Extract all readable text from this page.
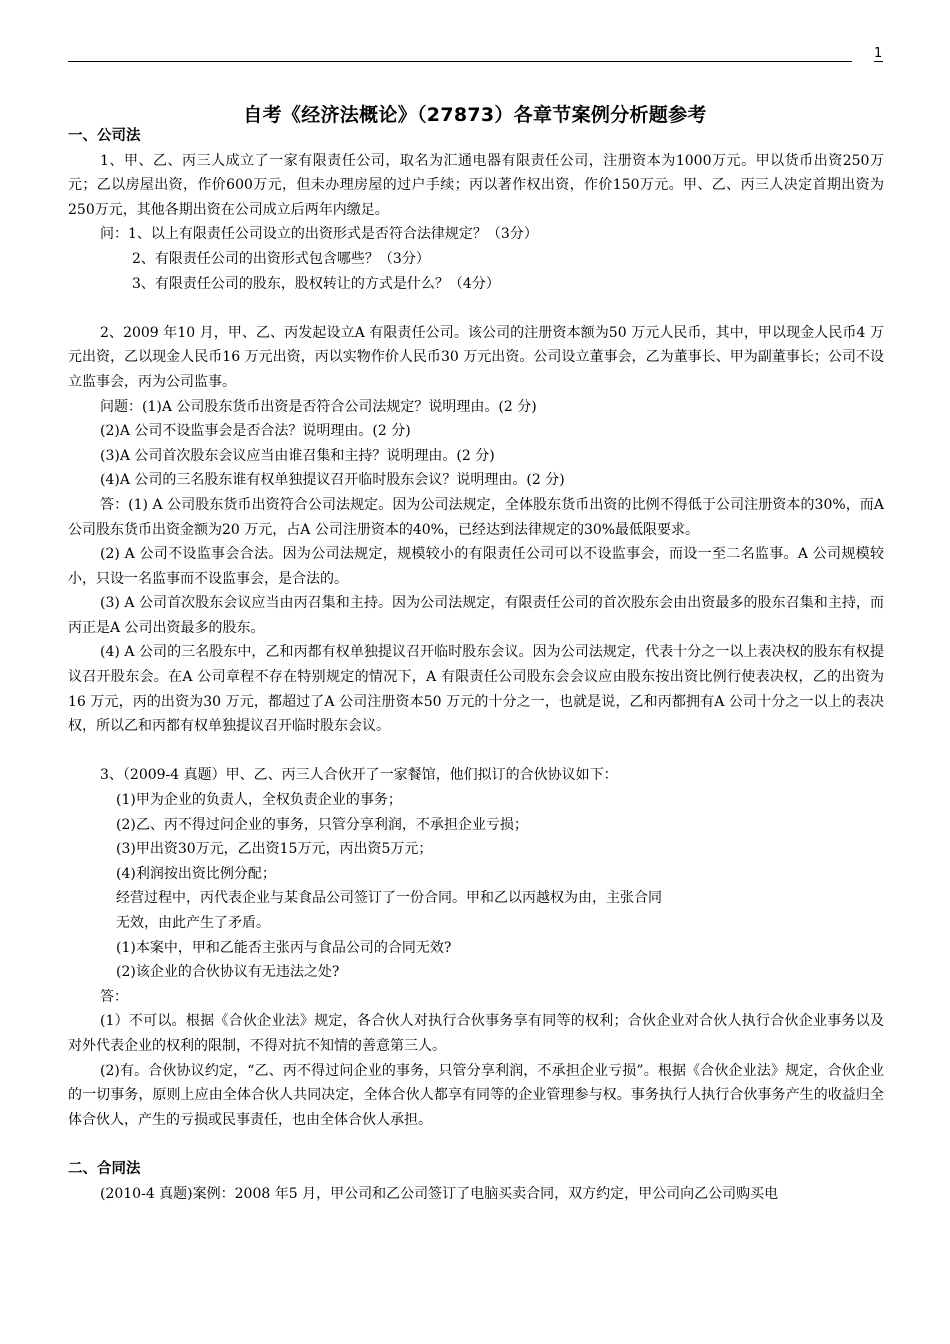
1
自考《经济法概论》（27873）各章节案例分析题参考

一、公司法

1、甲、乙、丙三人成立了一家有限责任公司，取名为汇通电器有限责任公司，注册资本为1000万元。甲以货币出资250万元；乙以房屋出资，作价600万元，但未办理房屋的过户手续；丙以著作权出资，作价150万元。甲、乙、丙三人决定首期出资为250万元，其他各期出资在公司成立后两年内缴足。

问：1、以上有限责任公司设立的出资形式是否符合法律规定？（3分）

2、有限责任公司的出资形式包含哪些？（3分）

3、有限责任公司的股东，股权转让的方式是什么？（4分）

2、2009 年10 月，甲、乙、丙发起设立A 有限责任公司。该公司的注册资本额为50 万元人民币，其中，甲以现金人民币4 万元出资，乙以现金人民币16 万元出资，丙以实物作价人民币30 万元出资。公司设立董事会，乙为董事长、甲为副董事长；公司不设立监事会，丙为公司监事。

问题：(1)A 公司股东货币出资是否符合公司法规定？说明理由。(2 分)

(2)A 公司不设监事会是否合法？说明理由。(2 分)

(3)A 公司首次股东会议应当由谁召集和主持？说明理由。(2 分)

(4)A 公司的三名股东谁有权单独提议召开临时股东会议？说明理由。(2 分)

答：(1) A 公司股东货币出资符合公司法规定。因为公司法规定，全体股东货币出资的比例不得低于公司注册资本的30%，而A 公司股东货币出资金额为20 万元，占A 公司注册资本的40%，已经达到法律规定的30%最低限要求。

(2) A 公司不设监事会合法。因为公司法规定，规模较小的有限责任公司可以不设监事会，而设一至二名监事。A 公司规模较小，只设一名监事而不设监事会，是合法的。

(3) A 公司首次股东会议应当由丙召集和主持。因为公司法规定，有限责任公司的首次股东会由出资最多的股东召集和主持，而丙正是A 公司出资最多的股东。

(4) A 公司的三名股东中，乙和丙都有权单独提议召开临时股东会议。因为公司法规定，代表十分之一以上表决权的股东有权提议召开股东会。在A 公司章程不存在特别规定的情况下，A 有限责任公司股东会会议应由股东按出资比例行使表决权，乙的出资为16 万元，丙的出资为30 万元，都超过了A 公司注册资本50 万元的十分之一，也就是说，乙和丙都拥有A 公司十分之一以上的表决权，所以乙和丙都有权单独提议召开临时股东会议。

3、（2009-4 真题）甲、乙、丙三人合伙开了一家餐馆，他们拟订的合伙协议如下：

(1)甲为企业的负责人，全权负责企业的事务；

(2)乙、丙不得过问企业的事务，只管分享利润，不承担企业亏损；

(3)甲出资30万元，乙出资15万元，丙出资5万元；

(4)利润按出资比例分配；

经营过程中，丙代表企业与某食品公司签订了一份合同。甲和乙以丙越权为由，主张合同

无效，由此产生了矛盾。

(1)本案中，甲和乙能否主张丙与食品公司的合同无效?

(2)该企业的合伙协议有无违法之处?

答：

(1）不可以。根据《合伙企业法》规定，各合伙人对执行合伙事务享有同等的权利；合伙企业对合伙人执行合伙企业事务以及对外代表企业的权利的限制，不得对抗不知情的善意第三人。

(2)有。合伙协议约定，“乙、丙不得过问企业的事务，只管分享利润，不承担企业亏损”。根据《合伙企业法》规定，合伙企业的一切事务，原则上应由全体合伙人共同决定，全体合伙人都享有同等的企业管理参与权。事务执行人执行合伙事务产生的收益归全体合伙人，产生的亏损或民事责任，也由全体合伙人承担。

二、合同法

(2010-4 真题)案例：2008 年5 月，甲公司和乙公司签订了电脑买卖合同，双方约定，甲公司向乙公司购买电
